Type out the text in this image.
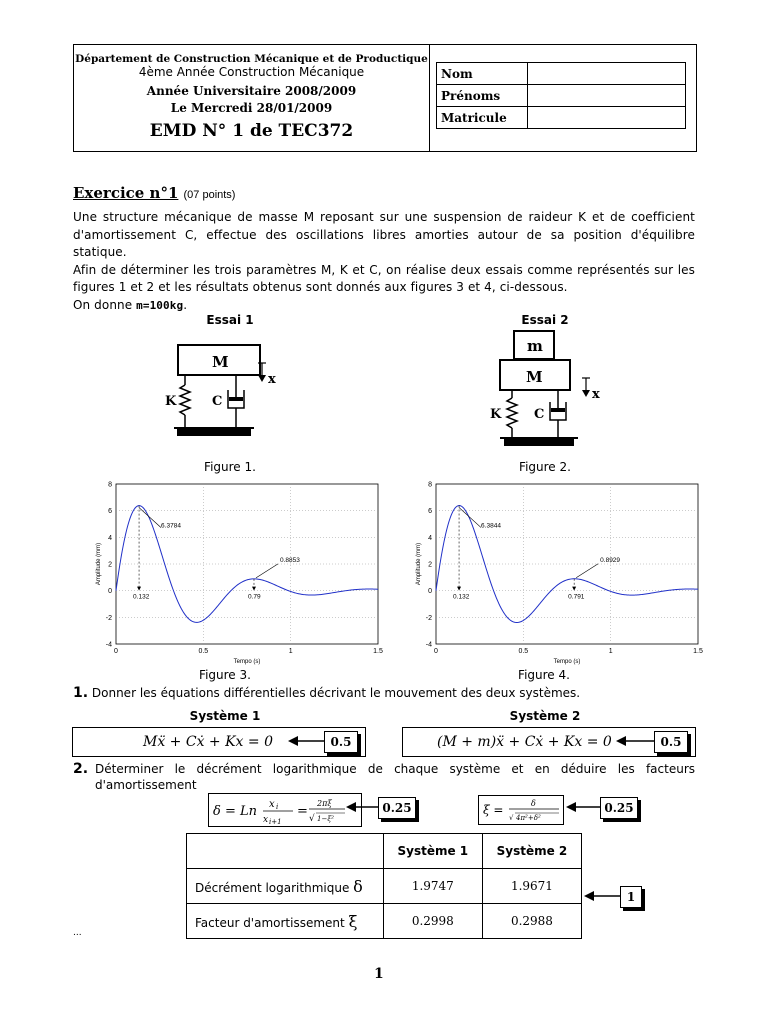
Département de Construction Mécanique et de Productique
4ème Année Construction Mécanique
Année Universitaire 2008/2009
Le Mercredi 28/01/2009
EMD N° 1 de TEC372
Nom	
Prénoms	
Matricule	
Exercice n°1 (07 points)

Une structure mécanique de masse M reposant sur une suspension de raideur K et de coefficient d'amortissement C, effectue des oscillations libres amorties autour de sa position d'équilibre statique.

Afin de déterminer les trois paramètres M, K et C, on réalise deux essais comme représentés sur les figures 1 et 2 et les résultats obtenus sont donnés aux figures 3 et 4, ci-dessous.

On donne m=100kg.

Essai 1	Essai 2
M
x
K	C
m
M
x
K	C
Figure 1.	Figure 2.
0	0.5	1	1.5
-4
-2
0
2
4
6
8
Tempo (s)
Amplitude (mm)
6.3784
0.8853
0.132	0.79
0	0.5	1	1.5
-4
-2
0
2
4
6
8
Tempo (s)
Amplitude (mm)
6.3844
0.8929
0.132	0.791
Figure 3.	Figure 4.
1. Donner les équations différentielles décrivant le mouvement des deux systèmes.
Système 1	Système 2
Mẍ + Cẋ + Kx = 0	0.5	(M + m)ẍ + Cẋ + Kx = 0	0.5
2. Déterminer le décrément logarithmique de chaque système et en déduire les facteurs d'amortissement
δ = Ln x i
x i+1
=
2πξ
√ 1−ξ²
0.25	ξ =	δ
√ 4π²+δ²
0.25
	Système 1	Système 2
Décrément logarithmique δ	1.9747	1.9671
Facteur d'amortissement ξ	0.2998	0.2988
1
...
1
